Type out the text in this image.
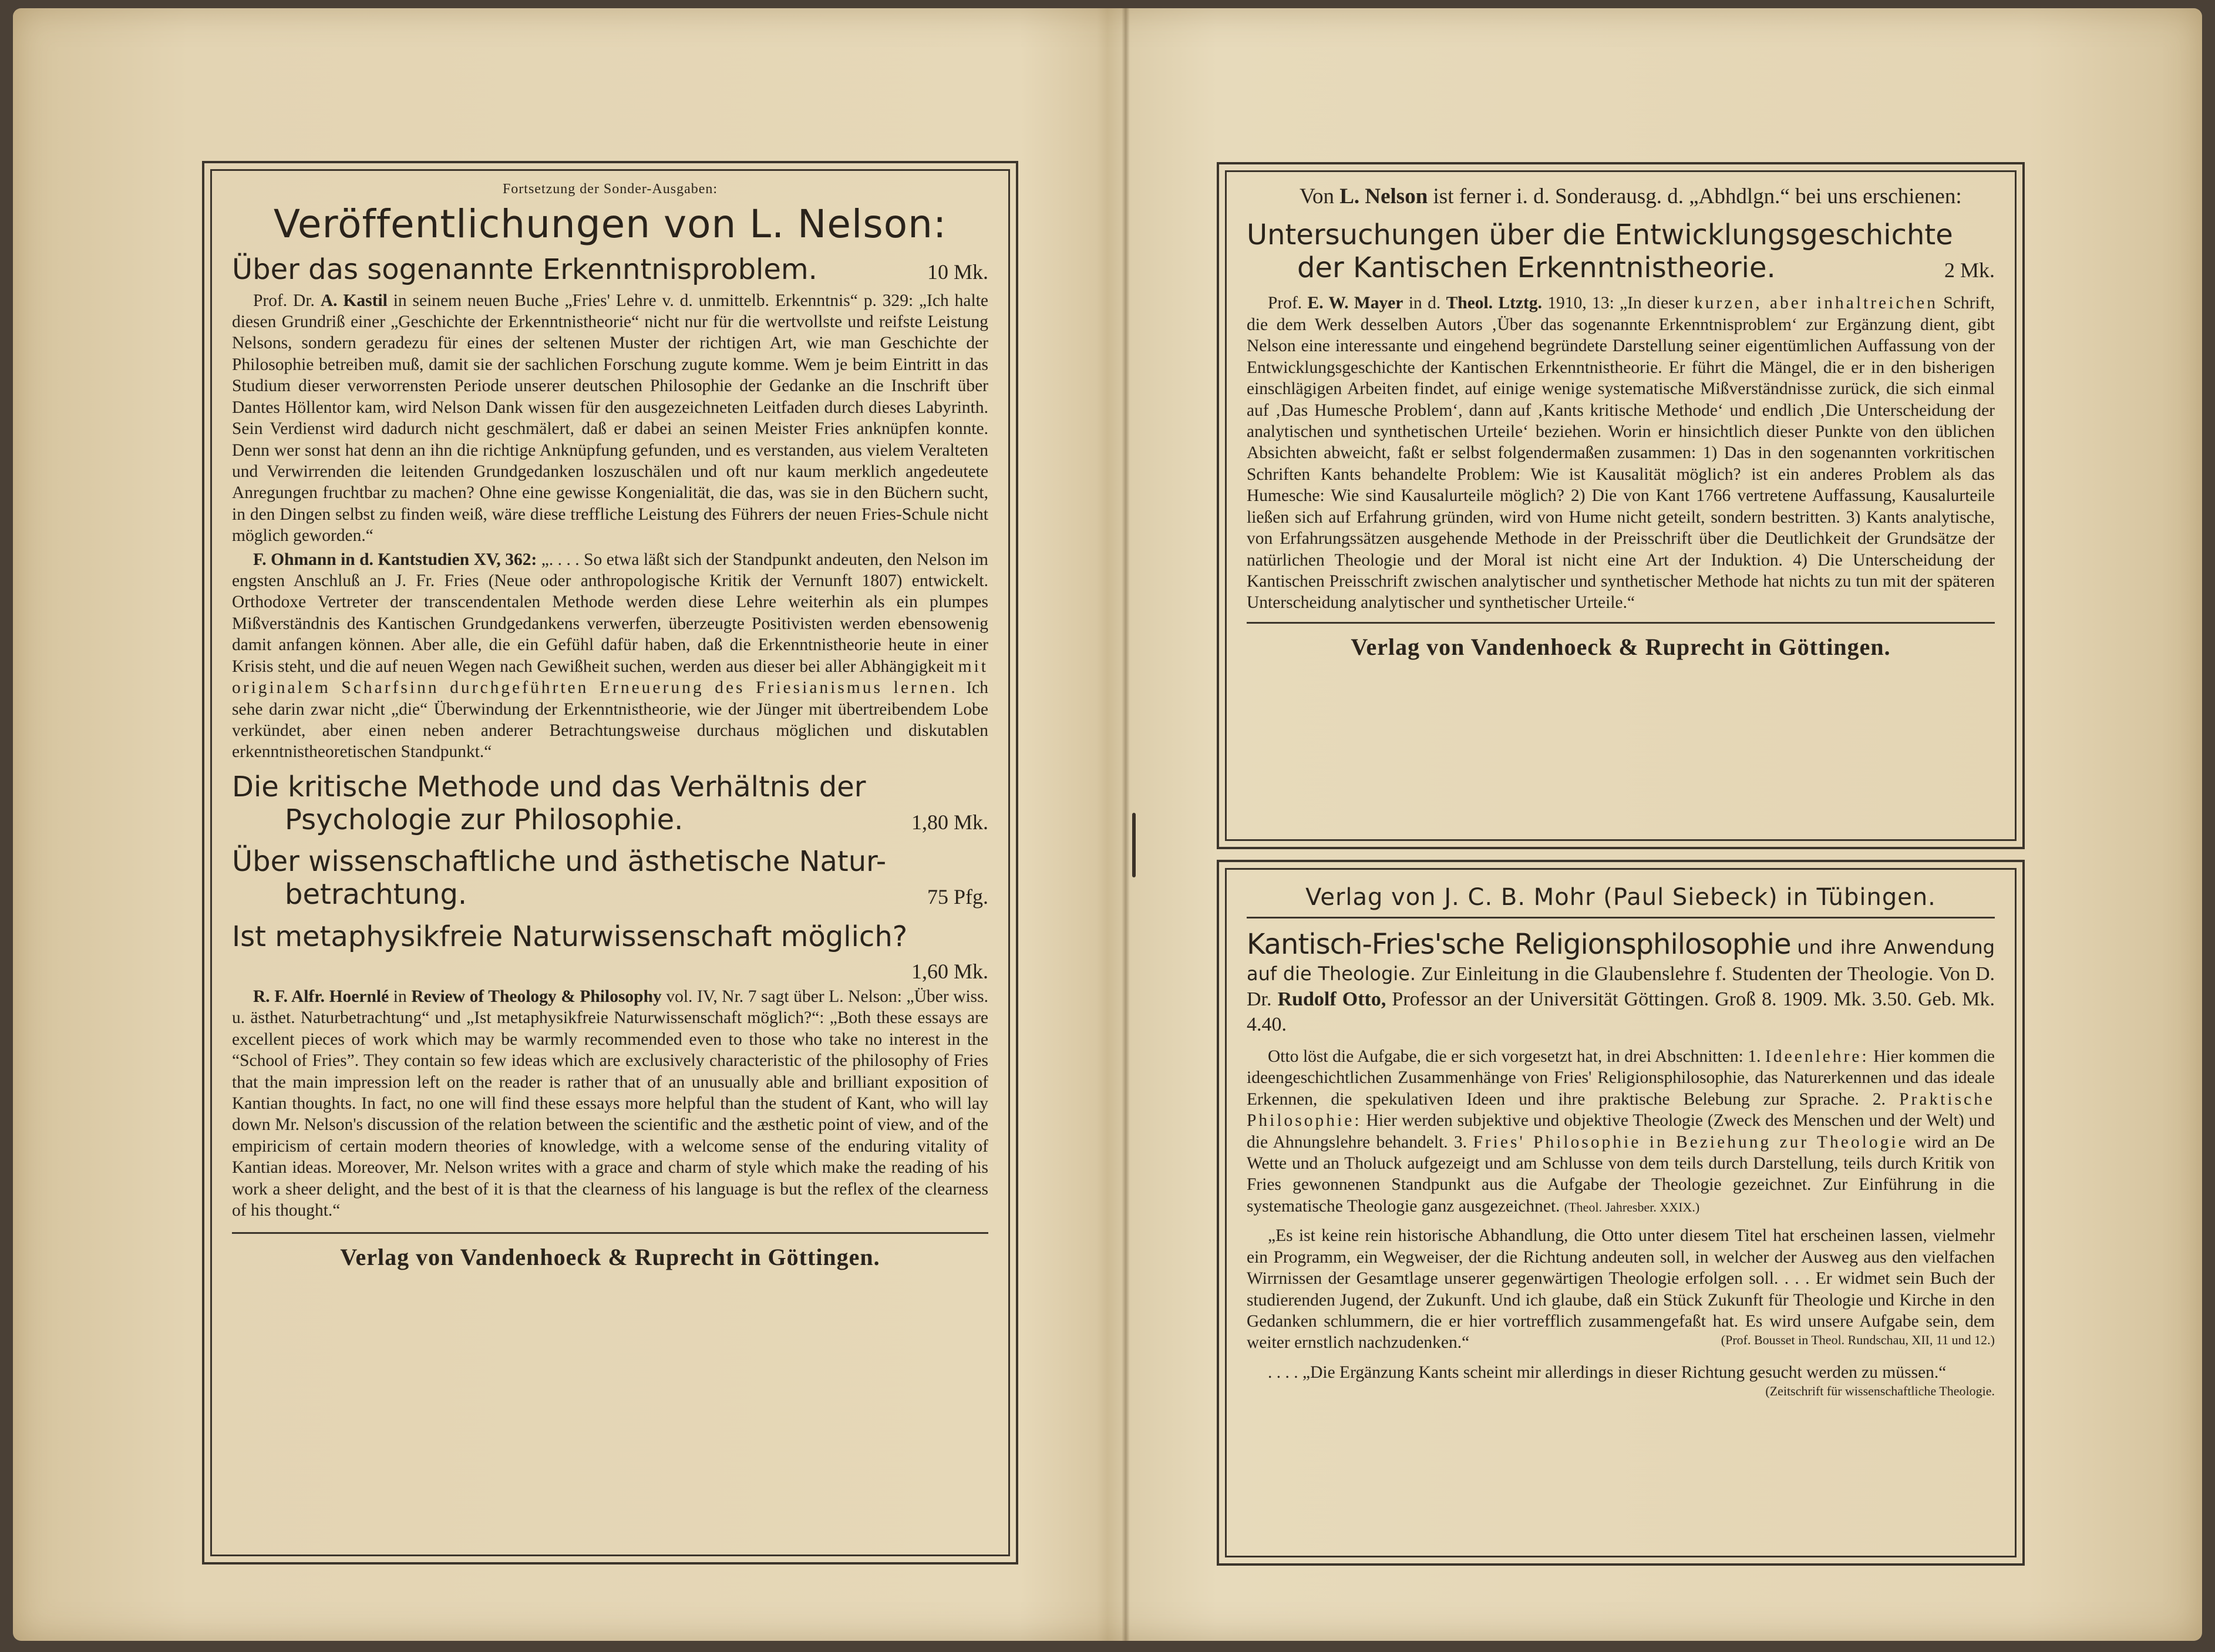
Fortsetzung der Sonder-Ausgaben:
Veröffentlichungen von L. Nelson:
Über das sogenannte Erkenntnisproblem.	10 Mk.

Prof. Dr. A. Kastil in seinem neuen Buche „Fries' Lehre v. d. unmittelb. Erkenntnis“ p. 329: „Ich halte diesen Grundriß einer „Geschichte der Erkenntnistheorie“ nicht nur für die wertvollste und reifste Leistung Nelsons, sondern geradezu für eines der seltenen Muster der richtigen Art, wie man Geschichte der Philosophie betreiben muß, damit sie der sachlichen Forschung zugute komme. Wem je beim Eintritt in das Studium dieser verworrensten Periode unserer deutschen Philosophie der Gedanke an die Inschrift über Dantes Höllentor kam, wird Nelson Dank wissen für den ausgezeichneten Leitfaden durch dieses Labyrinth. Sein Verdienst wird dadurch nicht geschmälert, daß er dabei an seinen Meister Fries anknüpfen konnte. Denn wer sonst hat denn an ihn die richtige Anknüpfung gefunden, und es verstanden, aus vielem Veralteten und Verwirrenden die leitenden Grundgedanken loszuschälen und oft nur kaum merklich angedeutete Anregungen fruchtbar zu machen? Ohne eine gewisse Kongenialität, die das, was sie in den Büchern sucht, in den Dingen selbst zu finden weiß, wäre diese treffliche Leistung des Führers der neuen Fries-Schule nicht möglich geworden.“

F. Ohmann in d. Kantstudien XV, 362: „. . . . So etwa läßt sich der Standpunkt andeuten, den Nelson im engsten Anschluß an J. Fr. Fries (Neue oder anthropologische Kritik der Vernunft 1807) entwickelt. Orthodoxe Vertreter der transcendentalen Methode werden diese Lehre weiterhin als ein plumpes Mißverständnis des Kantischen Grundgedankens verwerfen, überzeugte Positivisten werden ebensowenig damit anfangen können. Aber alle, die ein Gefühl dafür haben, daß die Erkenntnistheorie heute in einer Krisis steht, und die auf neuen Wegen nach Gewißheit suchen, werden aus dieser bei aller Abhängigkeit mit originalem Scharfsinn durchgeführten Erneuerung des Friesianismus lernen. Ich sehe darin zwar nicht „die“ Überwindung der Erkenntnistheorie, wie der Jünger mit übertreibendem Lobe verkündet, aber einen neben anderer Betrachtungsweise durchaus möglichen und diskutablen erkenntnistheoretischen Standpunkt.“

Die kritische Methode und das Verhältnis der
Psychologie zur Philosophie.	1,80 Mk.
Über wissenschaftliche und ästhetische Natur-
betrachtung.	75 Pfg.
Ist metaphysikfreie Naturwissenschaft möglich?
1,60 Mk.

R. F. Alfr. Hoernlé in Review of Theology & Philosophy vol. IV, Nr. 7 sagt über L. Nelson: „Über wiss. u. ästhet. Naturbetrachtung“ und „Ist metaphysikfreie Naturwissenschaft möglich?“: „Both these essays are excellent pieces of work which may be warmly recommended even to those who take no interest in the “School of Fries”. They contain so few ideas which are exclusively characteristic of the philosophy of Fries that the main impression left on the reader is rather that of an unusually able and brilliant exposition of Kantian thoughts. In fact, no one will find these essays more helpful than the student of Kant, who will lay down Mr. Nelson's discussion of the relation between the scientific and the æsthetic point of view, and of the empiricism of certain modern theories of knowledge, with a welcome sense of the enduring vitality of Kantian ideas. Moreover, Mr. Nelson writes with a grace and charm of style which make the reading of his work a sheer delight, and the best of it is that the clearness of his language is but the reflex of the clearness of his thought.“

Verlag von Vandenhoeck & Ruprecht in Göttingen.

Von L. Nelson ist ferner i. d. Sonderausg. d. „Abhdlgn.“ bei uns erschienen:

Untersuchungen über die Entwicklungsgeschichte
der Kantischen Erkenntnistheorie.	2 Mk.

Prof. E. W. Mayer in d. Theol. Ltztg. 1910, 13: „In dieser kurzen, aber inhaltreichen Schrift, die dem Werk desselben Autors ‚Über das sogenannte Erkenntnisproblem‘ zur Ergänzung dient, gibt Nelson eine interessante und eingehend begründete Darstellung seiner eigentümlichen Auffassung von der Entwicklungsgeschichte der Kantischen Erkenntnistheorie. Er führt die Mängel, die er in den bisherigen einschlägigen Arbeiten findet, auf einige wenige systematische Mißverständnisse zurück, die sich einmal auf ‚Das Humesche Problem‘, dann auf ‚Kants kritische Methode‘ und endlich ‚Die Unterscheidung der analytischen und synthetischen Urteile‘ beziehen. Worin er hinsichtlich dieser Punkte von den üblichen Absichten abweicht, faßt er selbst folgendermaßen zusammen: 1) Das in den sogenannten vorkritischen Schriften Kants behandelte Problem: Wie ist Kausalität möglich? ist ein anderes Problem als das Humesche: Wie sind Kausalurteile möglich? 2) Die von Kant 1766 vertretene Auffassung, Kausalurteile ließen sich auf Erfahrung gründen, wird von Hume nicht geteilt, sondern bestritten. 3) Kants analytische, von Erfahrungssätzen ausgehende Methode in der Preisschrift über die Deutlichkeit der Grundsätze der natürlichen Theologie und der Moral ist nicht eine Art der Induktion. 4) Die Unterscheidung der Kantischen Preisschrift zwischen analytischer und synthetischer Methode hat nichts zu tun mit der späteren Unterscheidung analytischer und synthetischer Urteile.“

Verlag von Vandenhoeck & Ruprecht in Göttingen.
Verlag von J. C. B. Mohr (Paul Siebeck) in Tübingen.

Kantisch-Fries'sche Religionsphilosophie und ihre Anwendung auf die Theologie. Zur Einleitung in die Glaubenslehre f. Studenten der Theologie. Von D. Dr. Rudolf Otto, Professor an der Universität Göttingen. Groß 8. 1909. Mk. 3.50. Geb. Mk. 4.40.

Otto löst die Aufgabe, die er sich vorgesetzt hat, in drei Abschnitten: 1. Ideenlehre: Hier kommen die ideengeschichtlichen Zusammenhänge von Fries' Religionsphilosophie, das Naturerkennen und das ideale Erkennen, die spekulativen Ideen und ihre praktische Belebung zur Sprache. 2. Praktische Philosophie: Hier werden subjektive und objektive Theologie (Zweck des Menschen und der Welt) und die Ahnungslehre behandelt. 3. Fries' Philosophie in Beziehung zur Theologie wird an De Wette und an Tholuck aufgezeigt und am Schlusse von dem teils durch Darstellung, teils durch Kritik von Fries gewonnenen Standpunkt aus die Aufgabe der Theologie gezeichnet. Zur Einführung in die systematische Theologie ganz ausgezeichnet. (Theol. Jahresber. XXIX.)

„Es ist keine rein historische Abhandlung, die Otto unter diesem Titel hat erscheinen lassen, vielmehr ein Programm, ein Wegweiser, der die Richtung andeuten soll, in welcher der Ausweg aus den vielfachen Wirrnissen der Gesamtlage unserer gegenwärtigen Theologie erfolgen soll. . . . Er widmet sein Buch der studierenden Jugend, der Zukunft. Und ich glaube, daß ein Stück Zukunft für Theologie und Kirche in den Gedanken schlummern, die er hier vortrefflich zusammengefaßt hat. Es wird unsere Aufgabe sein, dem weiter ernstlich nachzudenken.“	(Prof. Bousset in Theol. Rundschau, XII, 11 und 12.)

. . . . „Die Ergänzung Kants scheint mir allerdings in dieser Richtung gesucht werden zu müssen.“
(Zeitschrift für wissenschaftliche Theologie.
